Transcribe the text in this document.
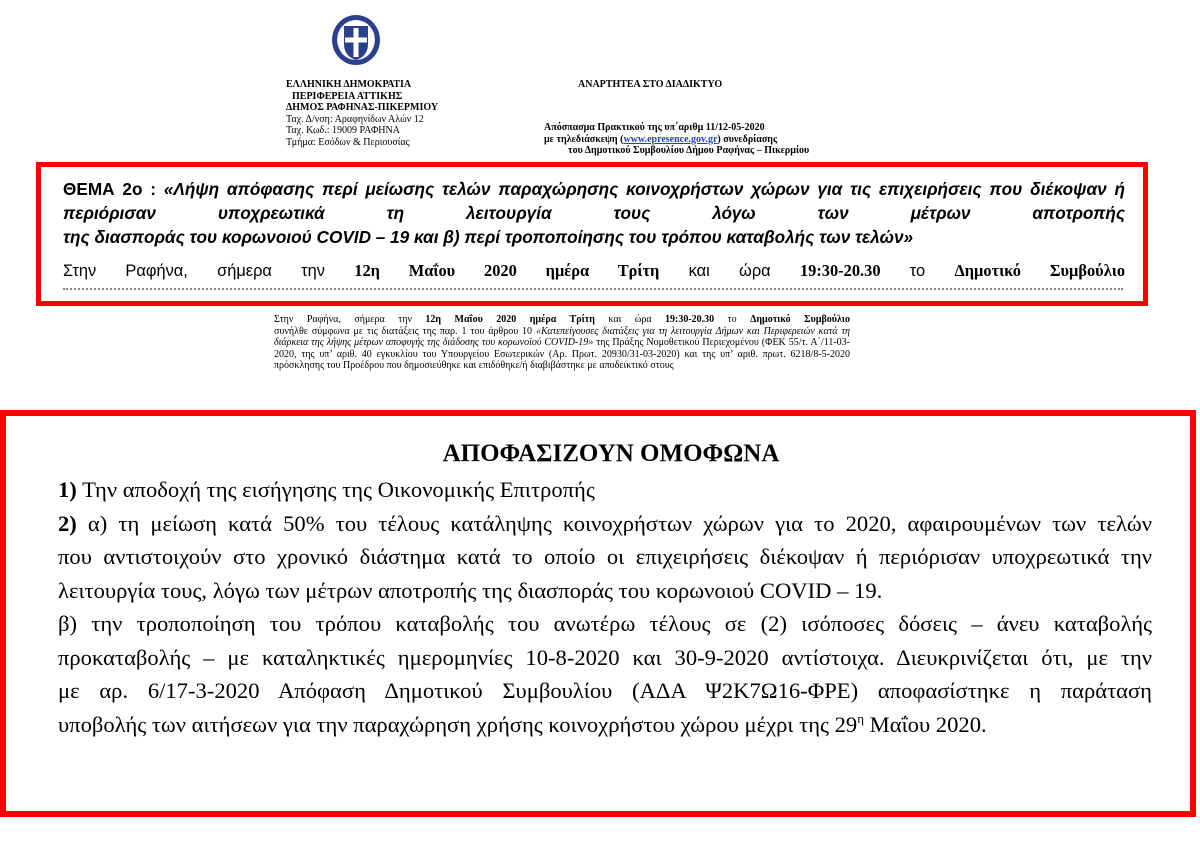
ΕΛΛΗΝΙΚΗ ΔΗΜΟΚΡΑΤΙΑ
ΠΕΡΙΦΕΡΕΙΑ ΑΤΤΙΚΗΣ
ΔΗΜΟΣ ΡΑΦΗΝΑΣ-ΠΙΚΕΡΜΙΟΥ
Ταχ. Δ/νση: Αραφηνίδων Αλών 12
Ταχ. Κωδ.: 19009 ΡΑΦΗΝΑ
Τμήμα: Εσόδων & Περιουσίας
ΑΝΑΡΤΗΤΕΑ ΣΤΟ ΔΙΑΔΙΚΤΥΟ
Απόσπασμα Πρακτικού της υπ΄αριθμ 11/12-05-2020
με τηλεδιάσκεψη (www.epresence.gov.gr) συνεδρίασης
του Δημοτικού Συμβουλίου Δήμου Ραφήνας – Πικερμίου
ΘΕΜΑ 2ο : «Λήψη απόφασης περί μείωσης τελών παραχώρησης κοινοχρήστων χώρων για τις επιχειρήσεις που διέκοψαν ή περιόρισαν υποχρεωτικά τη λειτουργία τους λόγω των μέτρων αποτροπής
της διασποράς του κορωνοιού COVID – 19 και β) περί τροποποίησης του τρόπου καταβολής των τελών»
Στην Ραφήνα, σήμερα την 12η Μαΐου 2020 ημέρα Τρίτη και ώρα 19:30-20.30 το Δημοτικό Συμβούλιο

Στην Ραφήνα, σήμερα την 12η Μαΐου 2020 ημέρα Τρίτη και ώρα 19:30-20.30 το Δημοτικό Συμβούλιο

συνήλθε σύμφωνα με τις διατάξεις της παρ. 1 του άρθρου 10 «Κατεπείγουσες διατάξεις για τη λειτουργία Δήμων και Περιφερειών κατά τη διάρκεια της λήψης μέτρων αποφυγής της διάδοσης του κορωνοϊού COVID-19» της Πράξης Νομοθετικού Περιεχομένου (ΦΕΚ 55/τ. Α΄/11-03-2020, της υπ’ αριθ. 40 εγκυκλίου του Υπουργείου Εσωτερικών (Αρ. Πρωτ. 20930/31-03-2020) και της υπ’ αριθ. πρωτ. 6218/8-5-2020 πρόσκλησης του Προέδρου που δημοσιεύθηκε και επιδόθηκε/ή διαβιβάστηκε με αποδεικτικό στους

ΑΠΟΦΑΣΙΖΟΥΝ ΟΜΟΦΩΝΑ
1) Την αποδοχή της εισήγησης της Οικονομικής Επιτροπής
2) α) τη μείωση κατά 50% του τέλους κατάληψης κοινοχρήστων χώρων για το 2020, αφαιρουμένων των τελών
που αντιστοιχούν στο χρονικό διάστημα κατά το οποίο οι επιχειρήσεις διέκοψαν ή περιόρισαν υποχρεωτικά την
λειτουργία τους, λόγω των μέτρων αποτροπής της διασποράς του κορωνοιού COVID – 19.
β) την τροποποίηση του τρόπου καταβολής του ανωτέρω τέλους σε (2) ισόποσες δόσεις – άνευ καταβολής
προκαταβολής – με καταληκτικές ημερομηνίες 10-8-2020 και 30-9-2020 αντίστοιχα. Διευκρινίζεται ότι, με την
με αρ. 6/17-3-2020 Απόφαση Δημοτικού Συμβουλίου (ΑΔΑ Ψ2Κ7Ω16-ΦΡΕ) αποφασίστηκε η παράταση
υποβολής των αιτήσεων για την παραχώρηση χρήσης κοινοχρήστου χώρου μέχρι της $29^\eta$ Μαΐου 2020.
